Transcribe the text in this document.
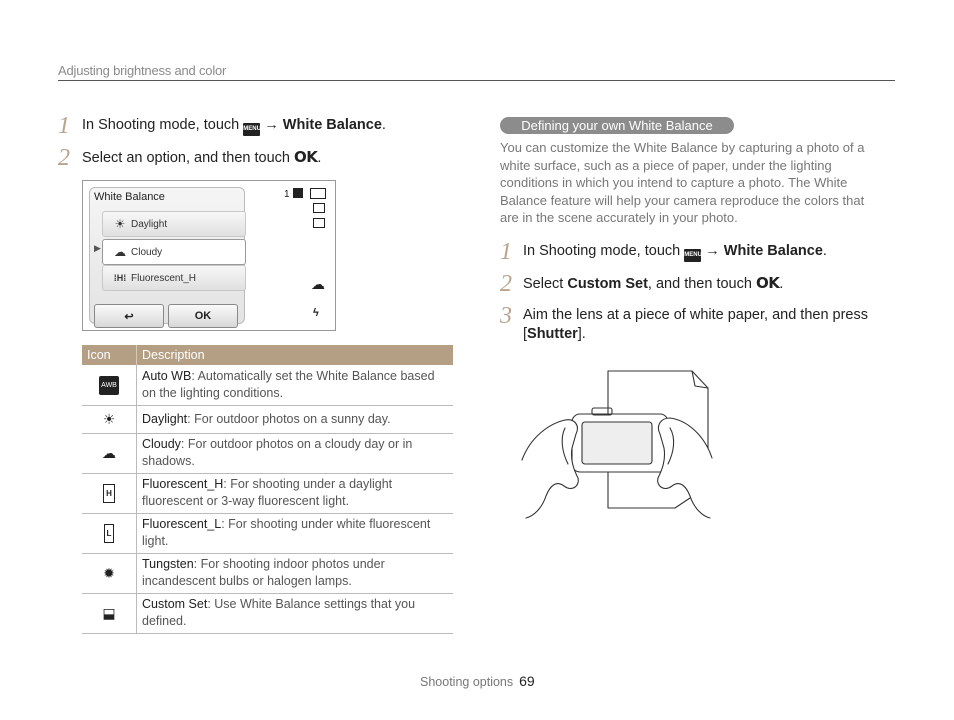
Adjusting brightness and color
1 In Shooting mode, touch MENU → White Balance.
2 Select an option, and then touch OK.
White Balance
☀ Daylight
▶	☁ Cloudy
⁞H⁞ Fluorescent_H
↩	OK
1
☁
ϟ
Icon	Description
AWB	Auto WB: Automatically set the White Balance based on the lighting conditions.
☀	Daylight: For outdoor photos on a sunny day.
☁	Cloudy: For outdoor photos on a cloudy day or in shadows.
H	Fluorescent_H: For shooting under a daylight fluorescent or 3-way fluorescent light.
L	Fluorescent_L: For shooting under white fluorescent light.
✹	Tungsten: For shooting indoor photos under incandescent bulbs or halogen lamps.
⬓	Custom Set: Use White Balance settings that you defined.
Defining your own White Balance
You can customize the White Balance by capturing a photo of a white surface, such as a piece of paper, under the lighting conditions in which you intend to capture a photo. The White Balance feature will help your camera reproduce the colors that are in the scene accurately in your photo.
1 In Shooting mode, touch MENU → White Balance.
2 Select Custom Set, and then touch OK.
3 Aim the lens at a piece of white paper, and then press
[Shutter].
Shooting options 69
